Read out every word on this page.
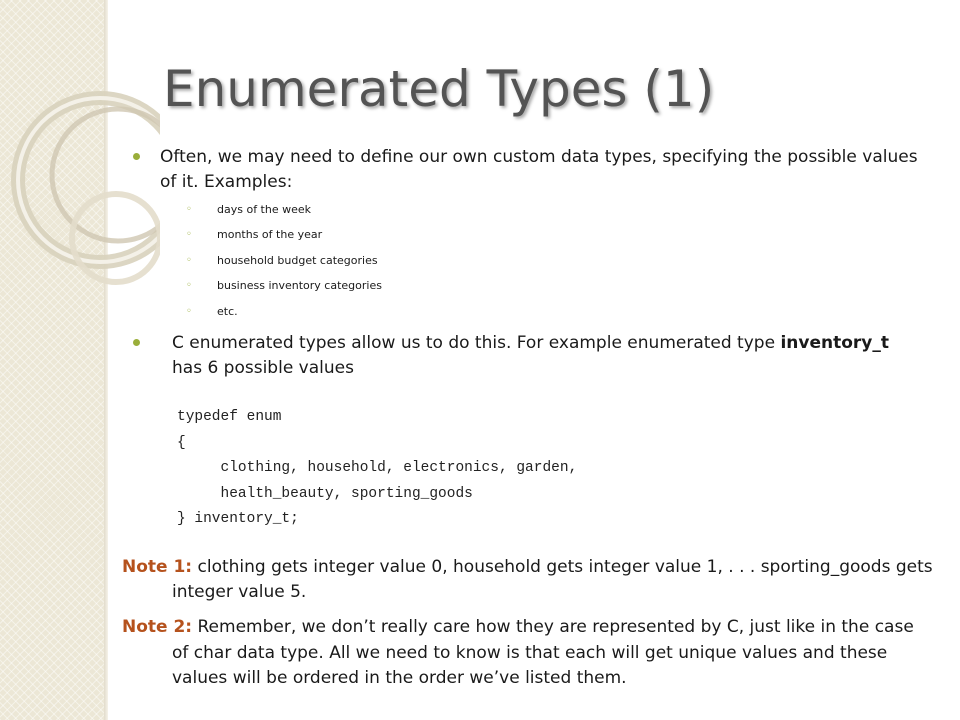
Enumerated Types (1)
Often, we may need to define our own custom data types, specifying the possible values
of it. Examples:
◦ days of the week
◦ months of the year
◦ household budget categories
◦ business inventory categories
◦ etc.
C enumerated types allow us to do this. For example enumerated type inventory_t
has 6 possible values
typedef enum
{
clothing, household, electronics, garden,
health_beauty, sporting_goods
} inventory_t;
Note 1: clothing gets integer value 0, household gets integer value 1, . . . sporting_goods gets
integer value 5.
Note 2: Remember, we don’t really care how they are represented by C, just like in the case
of char data type. All we need to know is that each will get unique values and these
values will be ordered in the order we’ve listed them.
